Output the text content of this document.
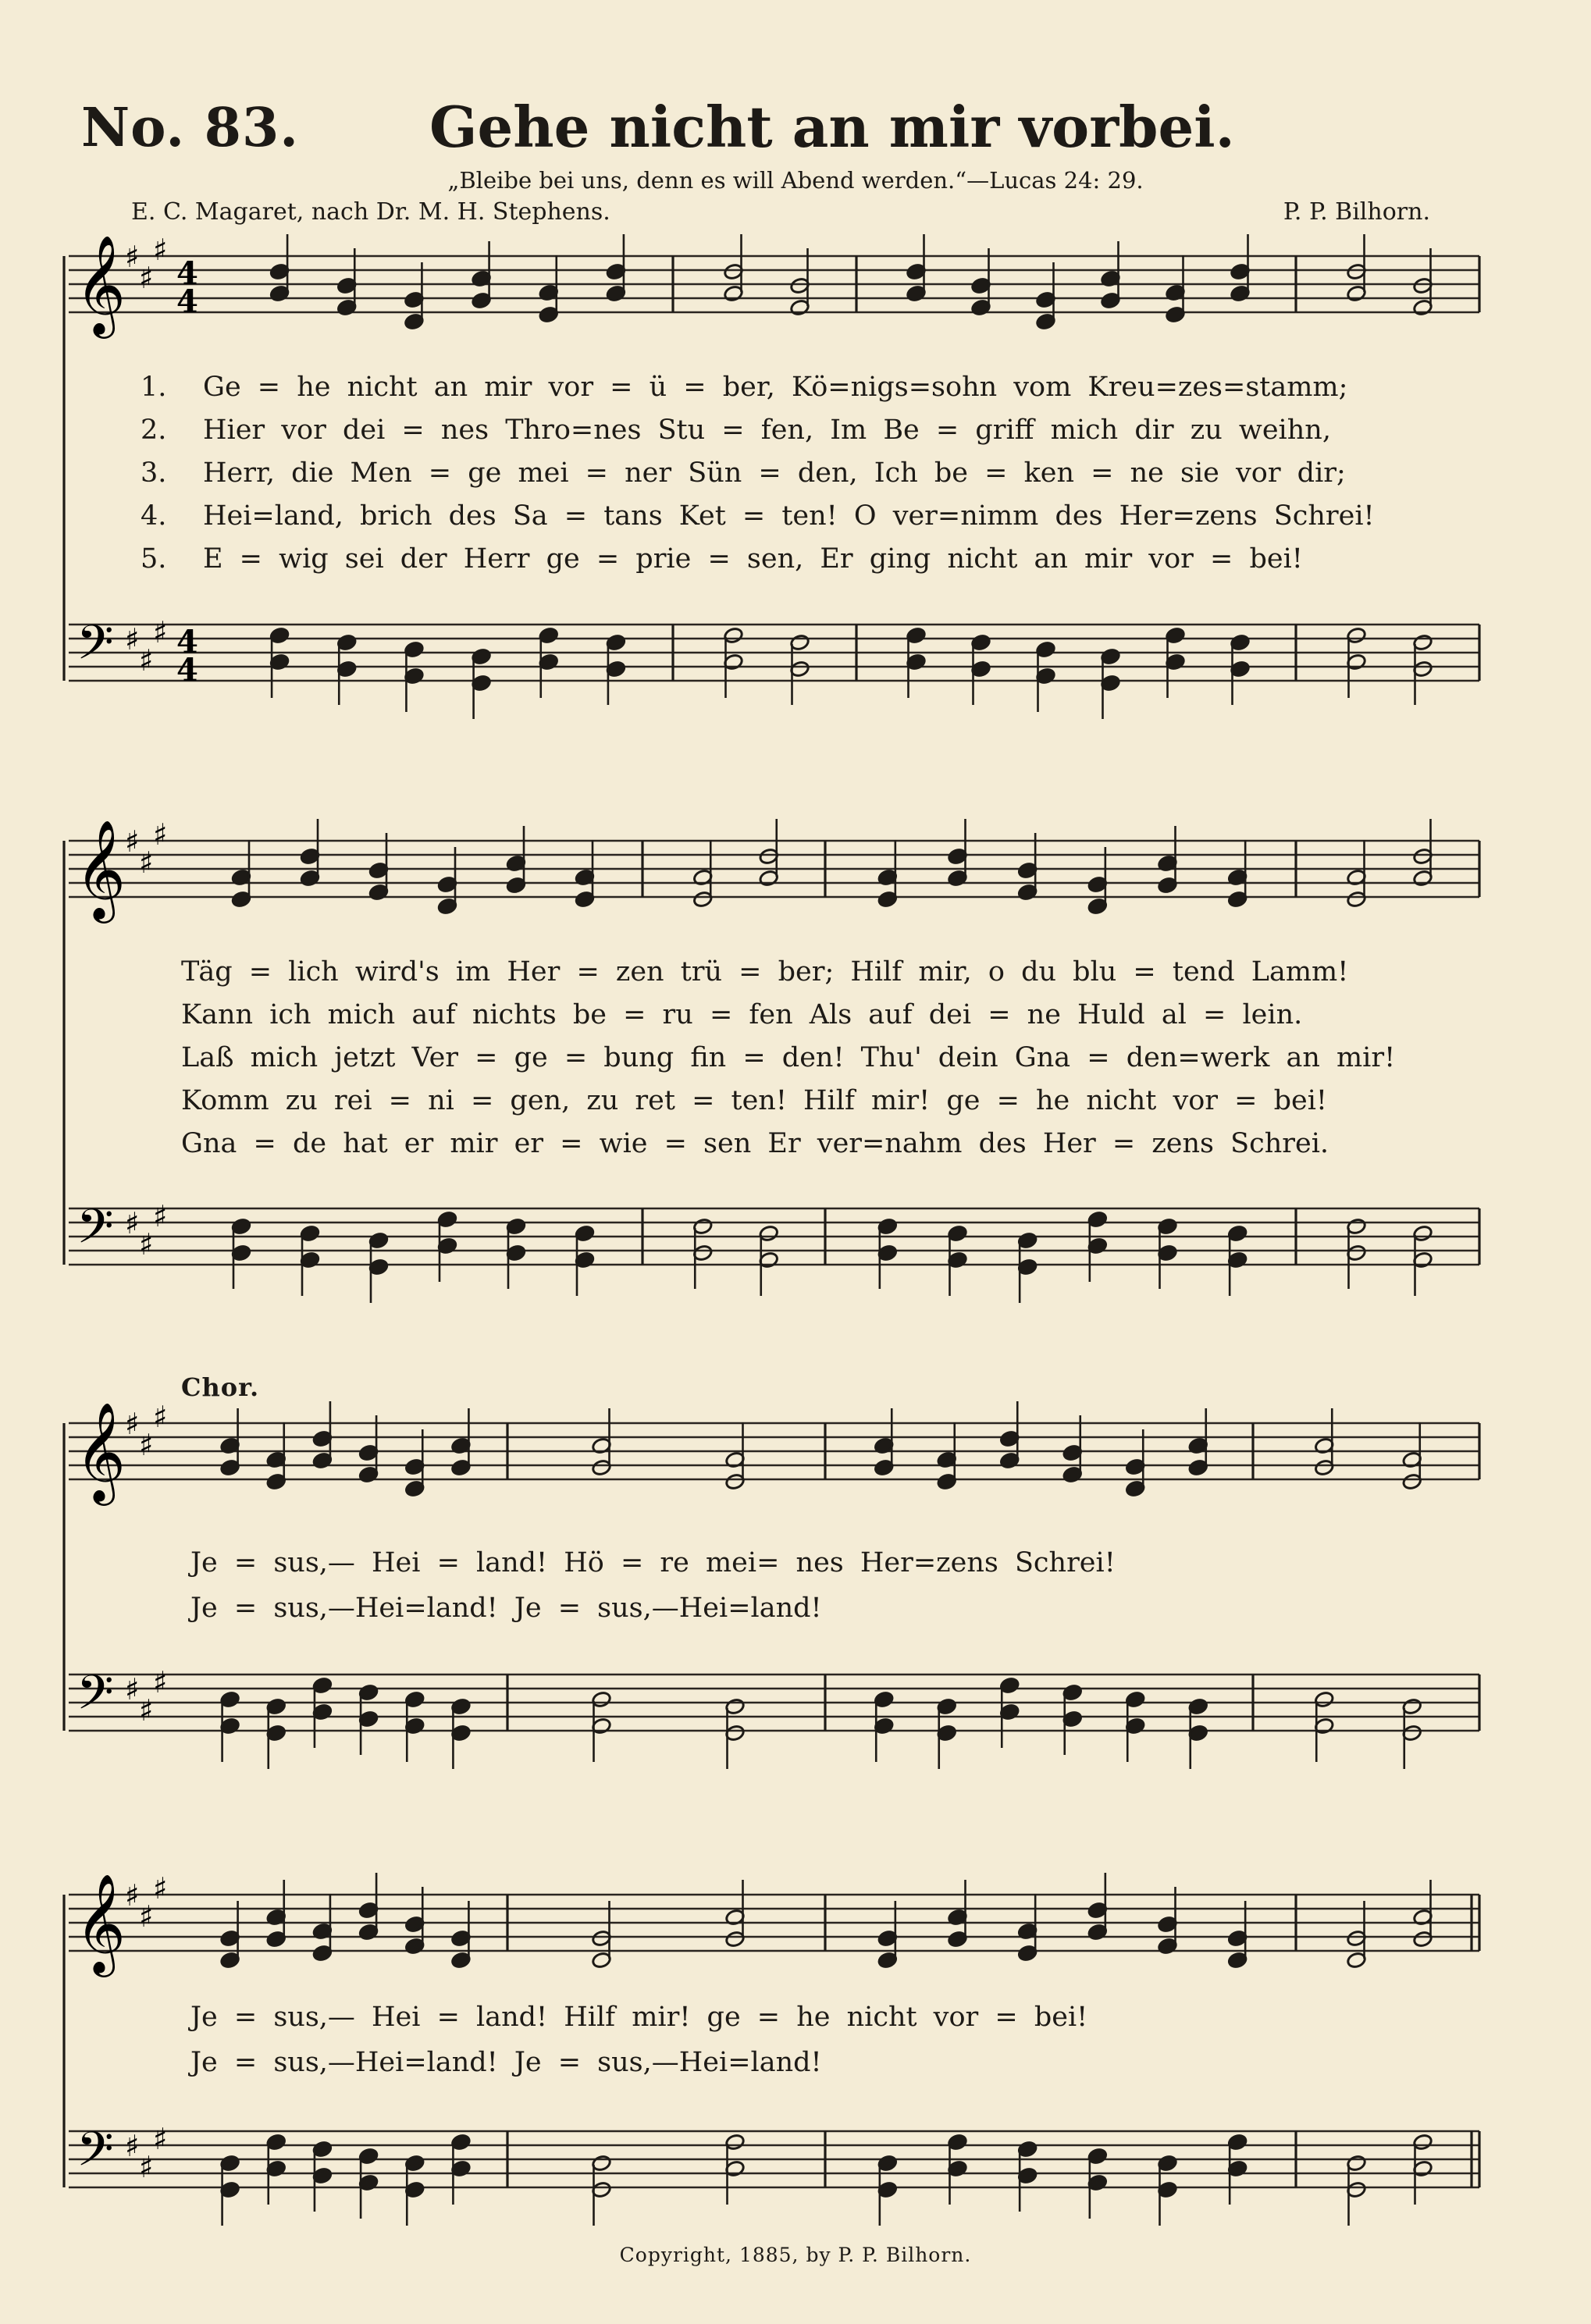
No. 83. Gehe nicht an mir vorbei.
„Bleibe bei uns, denn es will Abend werden.“—Lucas 24: 29.
E. C. Magaret, nach Dr. M. H. Stephens.	P. P. Bilhorn.
𝄞
𝄢
♯
♯
♯
♯
♯
♯
4
4
4
4
𝄞
𝄢
♯
♯
♯
♯
♯
♯
𝄞
𝄢
♯
♯
♯
♯
♯
♯
𝄞
𝄢
♯
♯
♯
♯
♯
♯
1.	Ge = he nicht an mir vor = ü = ber, Kö=nigs=sohn vom Kreu=zes=stamm;
2.	Hier vor dei = nes Thro=nes Stu = fen, Im Be = griff mich dir zu weihn,
3.	Herr, die Men = ge mei = ner Sün = den, Ich be = ken = ne sie vor dir;
4.	Hei=land, brich des Sa = tans Ket = ten! O ver=nimm des Her=zens Schrei!
5.	E = wig sei der Herr ge = prie = sen, Er ging nicht an mir vor = bei!
Täg = lich wird's im Her = zen trü = ber; Hilf mir, o du blu = tend Lamm!
Kann ich mich auf nichts be = ru = fen Als auf dei = ne Huld al = lein.
Laß mich jetzt Ver = ge = bung fin = den! Thu' dein Gna = den=werk an mir!
Komm zu rei = ni = gen, zu ret = ten! Hilf mir! ge = he nicht vor = bei!
Gna = de hat er mir er = wie = sen Er ver=nahm des Her = zens Schrei.
Chor.
Je = sus,— Hei = land! Hö = re mei= nes Her=zens Schrei!
Je = sus,—Hei=land! Je = sus,—Hei=land!
Je = sus,— Hei = land! Hilf mir! ge = he nicht vor = bei!
Je = sus,—Hei=land! Je = sus,—Hei=land!
Copyright, 1885, by P. P. Bilhorn.
